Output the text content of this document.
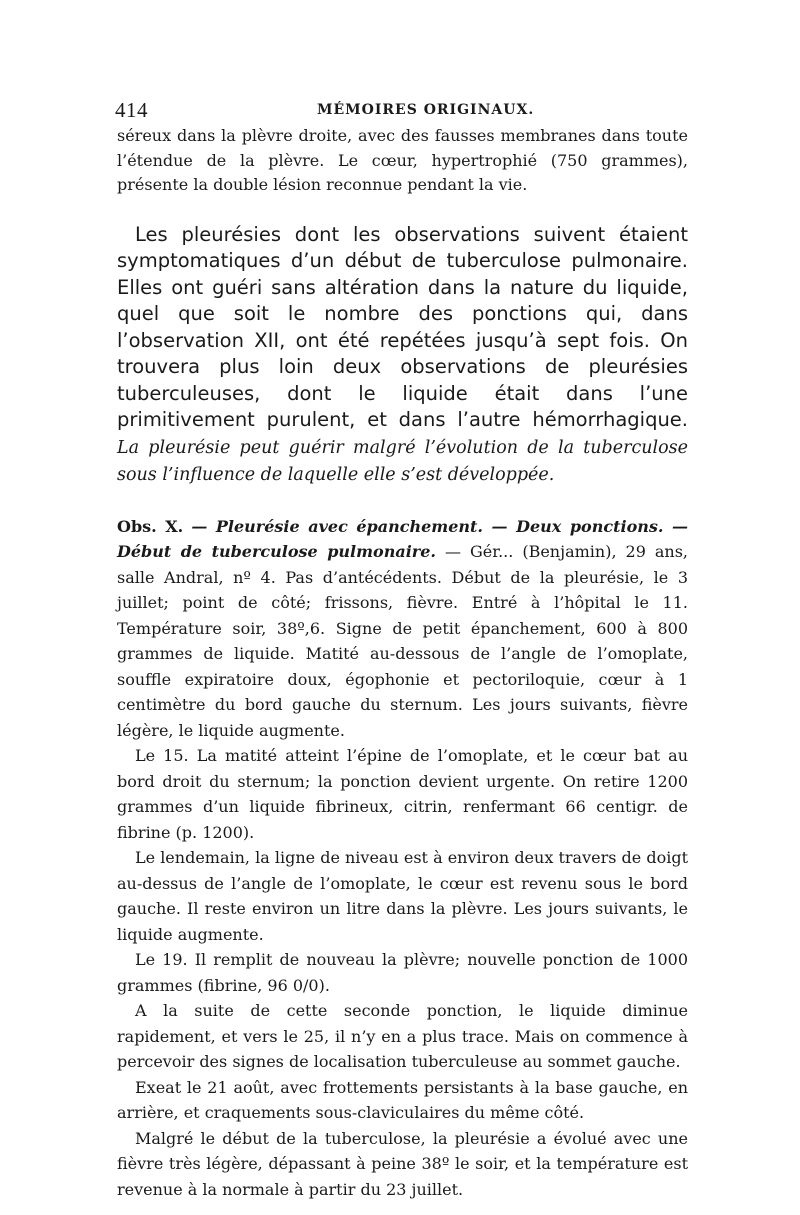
414	MÉMOIRES ORIGINAUX.

séreux dans la plèvre droite, avec des fausses membranes dans toute l’étendue de la plèvre. Le cœur, hypertrophié (750 grammes), présente la double lésion reconnue pendant la vie.

Les pleurésies dont les observations suivent étaient symptomatiques d’un début de tuberculose pulmonaire. Elles ont guéri sans altération dans la nature du liquide, quel que soit le nombre des ponctions qui, dans l’observation XII, ont été repétées jusqu’à sept fois. On trouvera plus loin deux observations de pleurésies tuberculeuses, dont le liquide était dans l’une primitivement purulent, et dans l’autre hémorrhagique. La pleurésie peut guérir malgré l’évolution de la tuberculose sous l’influence de laquelle elle s’est développée.

Obs. X. — Pleurésie avec épanchement. — Deux ponctions. — Début de tuberculose pulmonaire. — Gér... (Benjamin), 29 ans, salle Andral, nº 4. Pas d’antécédents. Début de la pleurésie, le 3 juillet; point de côté; frissons, fièvre. Entré à l’hôpital le 11. Température soir, 38º,6. Signe de petit épanchement, 600 à 800 grammes de liquide. Matité au-dessous de l’angle de l’omoplate, souffle expiratoire doux, égophonie et pectoriloquie, cœur à 1 centimètre du bord gauche du sternum. Les jours suivants, fièvre légère, le liquide augmente.

Le 15. La matité atteint l’épine de l’omoplate, et le cœur bat au bord droit du sternum; la ponction devient urgente. On retire 1200 grammes d’un liquide fibrineux, citrin, renfermant 66 centigr. de fibrine (p. 1200).

Le lendemain, la ligne de niveau est à environ deux travers de doigt au-dessus de l’angle de l’omoplate, le cœur est revenu sous le bord gauche. Il reste environ un litre dans la plèvre. Les jours suivants, le liquide augmente.

Le 19. Il remplit de nouveau la plèvre; nouvelle ponction de 1000 grammes (fibrine, 96 0/0).

A la suite de cette seconde ponction, le liquide diminue rapidement, et vers le 25, il n’y en a plus trace. Mais on commence à percevoir des signes de localisation tuberculeuse au sommet gauche.

Exeat le 21 août, avec frottements persistants à la base gauche, en arrière, et craquements sous-claviculaires du même côté.

Malgré le début de la tuberculose, la pleurésie a évolué avec une fièvre très légère, dépassant à peine 38º le soir, et la température est revenue à la normale à partir du 23 juillet.
